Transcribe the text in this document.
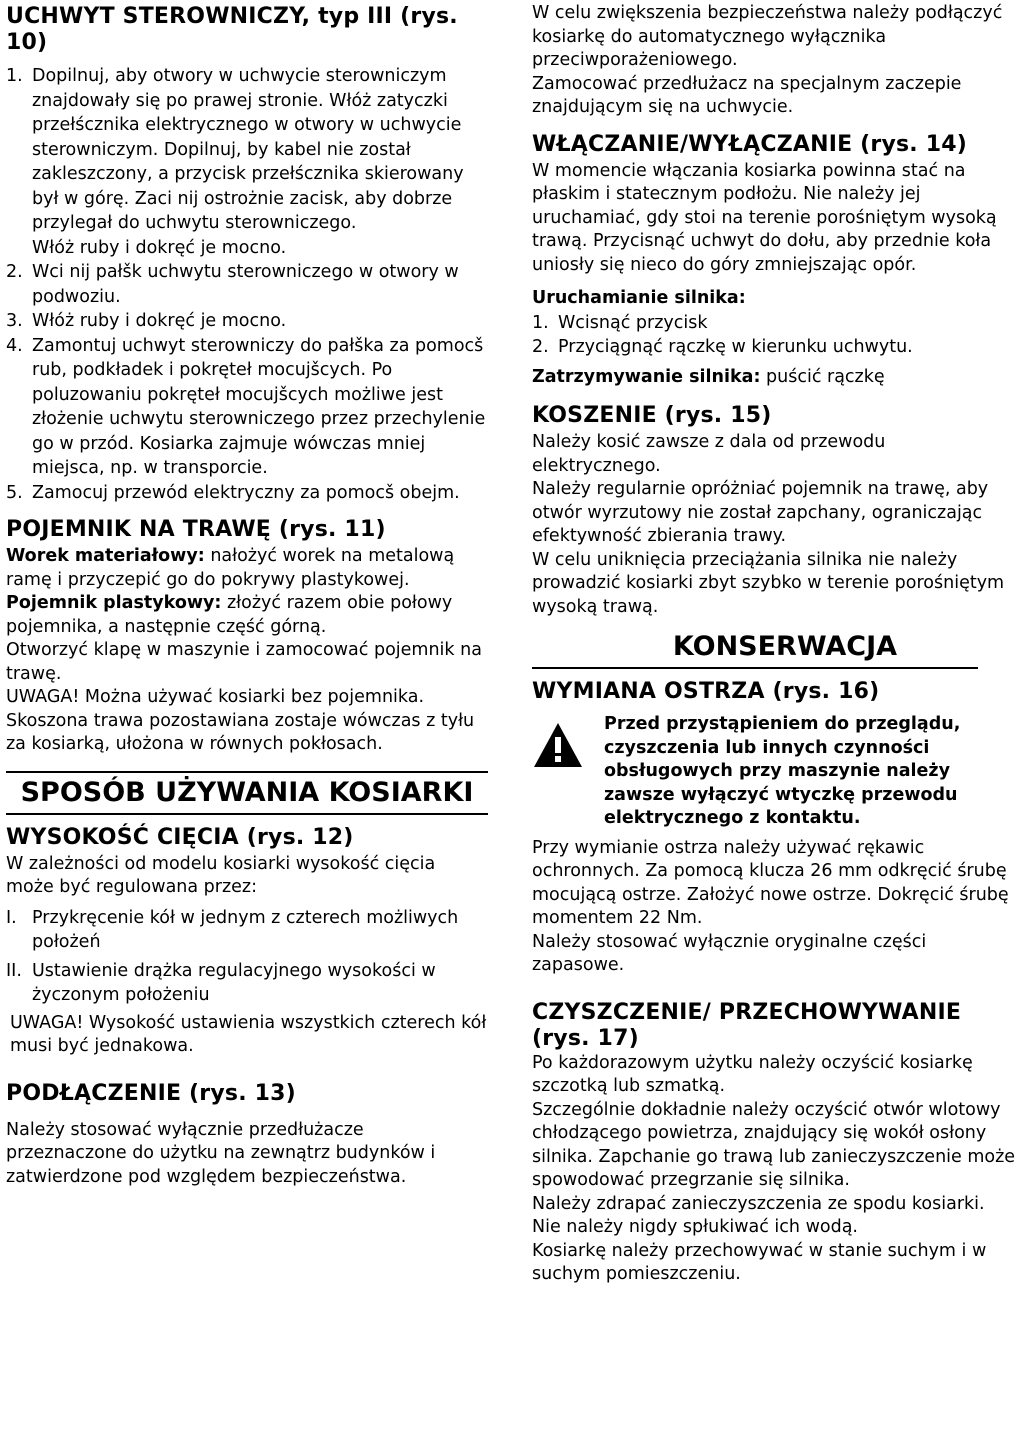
UCHWYT STEROWNICZY, typ III (rys. 10)
1. Dopilnuj, aby otwory w uchwycie sterowniczym znajdowały się po prawej stronie. Włóż zatyczki przełścznika elektrycznego w otwory w uchwycie sterowniczym. Dopilnuj, by kabel nie został zakleszczony, a przycisk przełścznika skierowany był w górę. Zaci nij ostrożnie zacisk, aby dobrze przylegał do uchwytu sterowniczego.
Włóż ruby i dokręć je mocno.
2. Wci nij pałšk uchwytu sterowniczego w otwory w podwoziu.
3. Włóż ruby i dokręć je mocno.
4. Zamontuj uchwyt sterowniczy do pałška za pomocš rub, podkładek i pokręteł mocujšcych. Po poluzowaniu pokręteł mocujšcych możliwe jest złożenie uchwytu sterowniczego przez przechylenie go w przód. Kosiarka zajmuje wówczas mniej miejsca, np. w transporcie.
5. Zamocuj przewód elektryczny za pomocš obejm.
POJEMNIK NA TRAWĘ (rys. 11)

Worek materiałowy: nałożyć worek na metalową ramę i przyczepić go do pokrywy plastykowej.

Pojemnik plastykowy: złożyć razem obie połowy pojemnika, a następnie część górną.

Otworzyć klapę w maszynie i zamocować pojemnik na trawę.

UWAGA! Można używać kosiarki bez pojemnika. Skoszona trawa pozostawiana zostaje wówczas z tyłu za kosiarką, ułożona w równych pokłosach.

SPOSÓB UŻYWANIA KOSIARKI
WYSOKOŚĆ CIĘCIA (rys. 12)

W zależności od modelu kosiarki wysokość cięcia może być regulowana przez:

I. Przykręcenie kół w jednym z czterech możliwych położeń
II. Ustawienie drążka regulacyjnego wysokości w życzonym położeniu

UWAGA! Wysokość ustawienia wszystkich czterech kół musi być jednakowa.

PODŁĄCZENIE (rys. 13)

Należy stosować wyłącznie przedłużacze przeznaczone do użytku na zewnątrz budynków i zatwierdzone pod względem bezpieczeństwa.

W celu zwiększenia bezpieczeństwa należy podłączyć kosiarkę do automatycznego wyłącznika przeciwporażeniowego.

Zamocować przedłużacz na specjalnym zaczepie znajdującym się na uchwycie.

WŁĄCZANIE/WYŁĄCZANIE (rys. 14)

W momencie włączania kosiarka powinna stać na płaskim i statecznym podłożu. Nie należy jej uruchamiać, gdy stoi na terenie porośniętym wysoką trawą. Przycisnąć uchwyt do dołu, aby przednie koła uniosły się nieco do góry zmniejszając opór.

Uruchamianie silnika:

1. Wcisnąć przycisk
2. Przyciągnąć rączkę w kierunku uchwytu.

Zatrzymywanie silnika: puścić rączkę

KOSZENIE (rys. 15)

Należy kosić zawsze z dala od przewodu elektrycznego.

Należy regularnie opróżniać pojemnik na trawę, aby otwór wyrzutowy nie został zapchany, ograniczając efektywność zbierania trawy.

W celu uniknięcia przeciążania silnika nie należy prowadzić kosiarki zbyt szybko w terenie porośniętym wysoką trawą.

KONSERWACJA
WYMIANA OSTRZA (rys. 16)
Przed przystąpieniem do przeglądu, czyszczenia lub innych czynności obsługowych przy maszynie należy zawsze wyłączyć wtyczkę przewodu elektrycznego z kontaktu.

Przy wymianie ostrza należy używać rękawic ochronnych. Za pomocą klucza 26 mm odkręcić śrubę mocującą ostrze. Założyć nowe ostrze. Dokręcić śrubę momentem 22 Nm.

Należy stosować wyłącznie oryginalne części zapasowe.

CZYSZCZENIE/ PRZECHOWYWANIE (rys. 17)

Po każdorazowym użytku należy oczyścić kosiarkę szczotką lub szmatką.

Szczególnie dokładnie należy oczyścić otwór wlotowy chłodzącego powietrza, znajdujący się wokół osłony silnika. Zapchanie go trawą lub zanieczyszczenie może spowodować przegrzanie się silnika.

Należy zdrapać zanieczyszczenia ze spodu kosiarki. Nie należy nigdy spłukiwać ich wodą.

Kosiarkę należy przechowywać w stanie suchym i w suchym pomieszczeniu.
